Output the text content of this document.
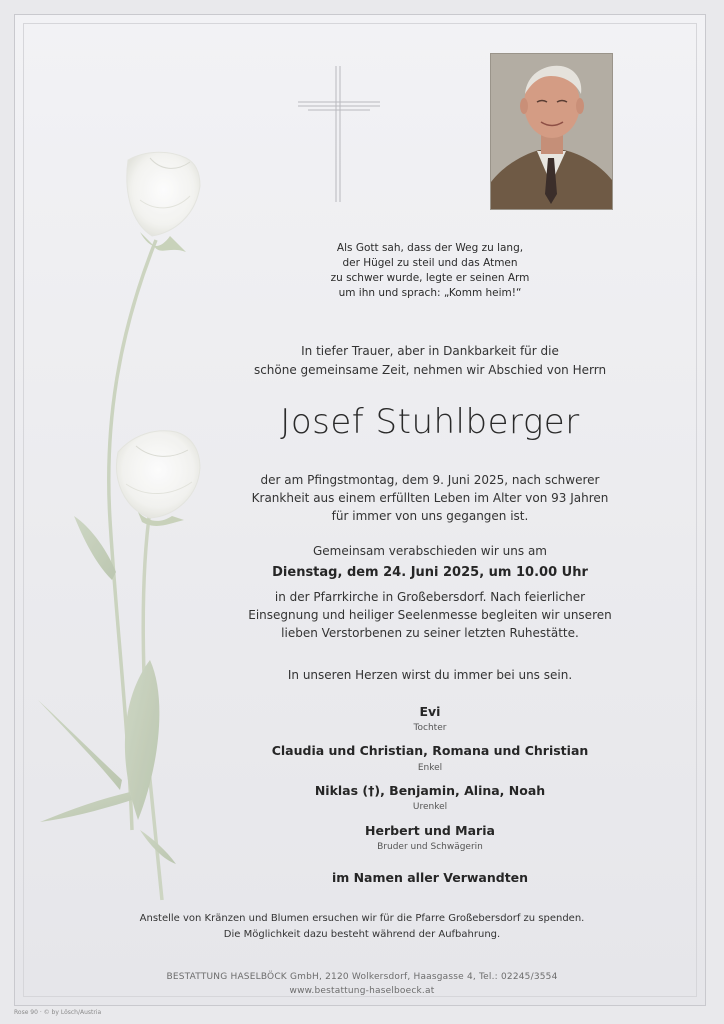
Als Gott sah, dass der Weg zu lang,
der Hügel zu steil und das Atmen
zu schwer wurde, legte er seinen Arm
um ihn und sprach: „Komm heim!“
In tiefer Trauer, aber in Dankbarkeit für die
schöne gemeinsame Zeit, nehmen wir Abschied von Herrn
Josef Stuhlberger
der am Pfingstmontag, dem 9. Juni 2025, nach schwerer
Krankheit aus einem erfüllten Leben im Alter von 93 Jahren
für immer von uns gegangen ist.
Gemeinsam verabschieden wir uns am
Dienstag, dem 24. Juni 2025, um 10.00 Uhr
in der Pfarrkirche in Großebersdorf. Nach feierlicher
Einsegnung und heiliger Seelenmesse begleiten wir unseren
lieben Verstorbenen zu seiner letzten Ruhestätte.
In unseren Herzen wirst du immer bei uns sein.
Evi
Tochter
Claudia und Christian, Romana und Christian
Enkel
Niklas (†), Benjamin, Alina, Noah
Urenkel
Herbert und Maria
Bruder und Schwägerin
im Namen aller Verwandten
Anstelle von Kränzen und Blumen ersuchen wir für die Pfarre Großebersdorf zu spenden.
Die Möglichkeit dazu besteht während der Aufbahrung.
BESTATTUNG HASELBÖCK GmbH, 2120 Wolkersdorf, Haasgasse 4, Tel.: 02245/3554
www.bestattung-haselboeck.at
Rose 90 · © by Lösch/Austria
